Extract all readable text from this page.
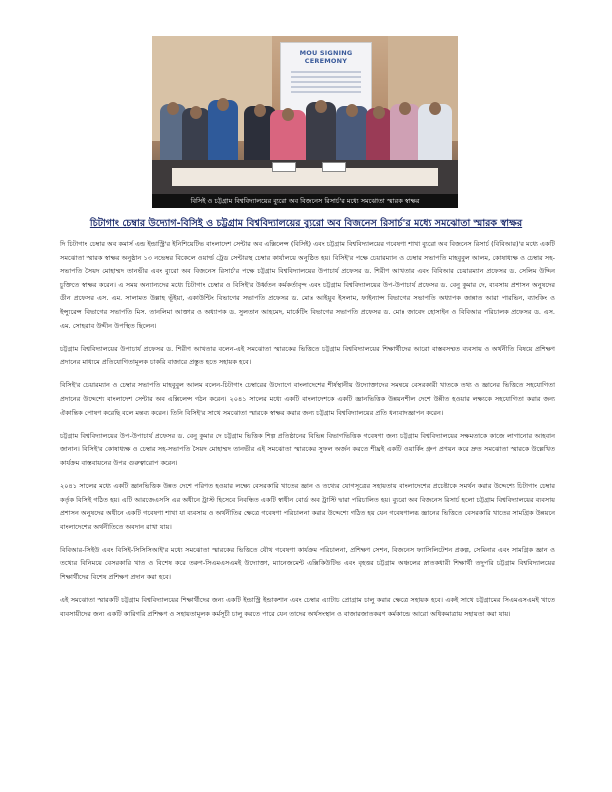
MOU SIGNING CEREMONY
বিসিই ও চট্টগ্রাম বিশ্ববিদ্যালয়ের ব্যুরো অব বিজনেস রিসার্চ'র মধ্যে সমঝোতা স্মারক স্বাক্ষর
চিটাগাং চেম্বার উদ্যোগ-বিসিই ও চট্টগ্রাম বিশ্ববিদ্যালয়ের ব্যুরো অব বিজনেস রিসার্চ'র মধ্যে সমঝোতা স্মারক স্বাক্ষর

দি চিটাগাং চেম্বার অব কমার্স এন্ড ইন্ডাস্ট্রি'র ইনিশিয়েটিভ বাংলাদেশ সেন্টার অব এক্সিলেন্স (বিসিই) এবং চট্টগ্রাম বিশ্ববিদ্যালয়ের গবেষণা শাখা ব্যুরো অব বিজনেস রিসার্চ (বিবিআর)'র মধ্যে একটি সমঝোতা স্মারক স্বাক্ষর অনুষ্ঠান ১৩ নভেম্বর বিকেলে ওয়ার্ল্ড ট্রেড সেন্টারস্থ চেম্বার কার্যালয়ে অনুষ্ঠিত হয়। বিসিই'র পক্ষে চেয়ারম্যান ও চেম্বার সভাপতি মাহবুবুল আলম, কোষাধ্যক্ষ ও চেম্বার সহ-সভাপতি সৈয়দ মোহাম্মদ তানভীর এবং ব্যুরো অব বিজনেস রিসার্চ'র পক্ষে চট্টগ্রাম বিশ্ববিদ্যালয়ের উপাচার্য প্রফেসর ড. শিরীণ আখতার এবং বিবিআর চেয়ারম্যান প্রফেসর ড. সেলিম উদ্দিন চুক্তিতে স্বাক্ষর করেন। এ সময় অন্যান্যদের মধ্যে চিটাগাং চেম্বার ও বিসিই'র উর্ধ্বতন কর্মকর্তাবৃন্দ এবং চট্টগ্রাম বিশ্ববিদ্যালয়ের উপ-উপাচার্য প্রফেসর ড. বেনু কুমার দে, ব্যবসায় প্রশাসন অনুষদের ডীন প্রফেসর এস. এম. সালামত উল্লাহ ভূঁইয়া, একাউন্টিং বিভাগের সভাপতি প্রফেসর ড. মোঃ আইয়ুব ইসলাম, ফাইন্যান্স বিভাগের সভাপতি অধ্যাপক জান্নাত আরা পারভিন, ব্যাংকিং ও ইন্স্যুরেন্স বিভাগের সভাপতি মিস. তানলিমা আক্তার ও অধ্যাপক ড. সুলতান আহমেদ, মার্কেটিং বিভাগের সভাপতি প্রফেসর ড. মোঃ জাবেদ হোসাইন ও বিবিআর পরিচালক প্রফেসর ড. এস. এম. সোহরাব উদ্দীন উপস্থিত ছিলেন।

চট্টগ্রাম বিশ্ববিদ্যালয়ের উপাচার্য প্রফেসর ড. শিরীণ আখতার বলেন-এই সমঝোতা স্মারকের ভিত্তিতে চট্টগ্রাম বিশ্ববিদ্যালয়ের শিক্ষার্থীদের আরো বাস্তবসম্মত ব্যবসায় ও অর্থনীতি বিষয়ে প্রশিক্ষণ প্রদানের মাধ্যমে প্রতিযোগিতামূলক চাকরি বাজারে প্রস্তুত হতে সহায়ক হবে।

বিসিই'র চেয়ারম্যান ও চেম্বার সভাপতি মাহবুবুল আলম বলেন-চিটাগাং চেম্বারের উদ্যোগে বাংলাদেশের শীর্ষস্থানীয় উদ্যোক্তাদের সমন্বয়ে বেসরকারী খাতকে তথ্য ও জ্ঞানের ভিত্তিতে সহযোগিতা প্রদানের উদ্দেশ্যে বাংলাদেশ সেন্টার অব এক্সিলেন্স গঠন করেন। ২০৪১ সালের মধ্যে একটি বাংলাদেশকে একটি জ্ঞানভিত্তিক উন্নয়নশীল দেশে উন্নীত হওয়ার লক্ষ্যকে সহযোগিতা করার জন্য ঐকান্তিক পোষণ করেছি বলে মন্তব্য করেন। তিনি বিসিই'র সাথে সমঝোতা স্মারকে স্বাক্ষর করার জন্য চট্টগ্রাম বিশ্ববিদ্যালয়ের প্রতি ধন্যবাদজ্ঞাপন করেন।

চট্টগ্রাম বিশ্ববিদ্যালয়ের উপ-উপাচার্য প্রফেসর ড. বেনু কুমার দে চট্টগ্রাম ভিত্তিক শিল্প প্রতিষ্ঠানের বিভিন্ন বিভাগভিত্তিক গবেষণা জন্য চট্টগ্রাম বিশ্ববিদ্যালয়ের সক্ষমতাকে কাজে লাগানোর আহবান জানান। বিসিই'র কোষাধ্যক্ষ ও চেম্বার সহ-সভাপতি সৈয়দ মোহাম্মদ তানভীর এই সমঝোতা স্মারকের সুফল অর্জন করতে শীঘ্রই একটি ওয়ার্কিং গ্রুপ প্রণয়ন করে দ্রুত সমঝোতা স্মারকে উল্লেখিত কার্যক্রম বাস্তবায়নের উপর গুরুত্বারোপ করেন।

২০৪১ সালের মধ্যে একটি জ্ঞানভিত্তিক উন্নত দেশে পরিণত হওয়ার লক্ষ্যে বেসরকারি খাতের জ্ঞান ও তথ্যের যোগসূত্রের সহায়তায় বাংলাদেশের প্রচেষ্টাকে সমর্থন করার উদ্দেশ্যে চিটাগাং চেম্বার কর্তৃক বিসিই গঠিত হয়। এটি আরজেএসসি এর অধীনে ট্রাস্ট হিসেবে নিবন্ধিত একটি স্বাধীন বোর্ড অব ট্রাস্টি দ্বারা পরিচালিত হয়। ব্যুরো অব বিজনেস রিসার্চ হলো চট্টগ্রাম বিশ্ববিদ্যালয়ের ব্যবসায় প্রশাসন অনুষদের অধীনে একটি গবেষণা শাখা যা ব্যবসায় ও অর্থনীতির ক্ষেত্রে গবেষণা পরিচালনা করার উদ্দেশ্যে গঠিত হয় যেন গবেষণালব্ধ জ্ঞানের ভিত্তিতে বেসরকারি খাতের সামগ্রিক উন্নয়নে বাংলাদেশের অর্থনীতিতে অবদান রাখা যায়।

বিবিআর-সিইউ এবং বিসিই-সিসিসিআই'র মধ্যে সমঝোতা স্মারকের ভিত্তিতে যৌথ গবেষণা কার্যক্রম পরিচালনা, প্রশিক্ষণ সেশন, বিজনেস ফ্যাসিলিটেশন প্রকল্প, সেমিনার এবং সামগ্রিক জ্ঞান ও তথ্যের বিনিময়ে বেসরকারি খাত ও বিশেষ করে তরুণ-সিএমএসএমই উদ্যোক্তা, ম্যানেজমেন্ট এক্সিকিউটিভ এবং বৃহত্তর চট্টগ্রাম অঞ্চলের স্নাতকধারী শিক্ষার্থী তদুপরি চট্টগ্রাম বিশ্ববিদ্যালয়ের শিক্ষার্থীদের বিশেষ প্রশিক্ষণ প্রদান করা হবে।

এই সমঝোতা স্মারকটি চট্টগ্রাম বিশ্ববিদ্যালয়ের শিক্ষার্থীদের জন্য একটি ইন্ডাস্ট্রি ইন্ডাকশান এবং চেম্বার এ্যাটাচ প্রোগ্রাম চালু করার ক্ষেত্রে সহায়ক হবে। একই সাথে চট্টগ্রামের সিএমএসএমই খাতে ব্যবসায়ীদের জন্য একটি কারিগরি প্রশিক্ষণ ও সহায়তামূলক কর্মসূচী চালু করতে পারে যেন তাদের অর্থসংস্থান ও বাজারজাতকরণ কর্মকান্ডে আরো অধিকমাত্রায় সহায়তা করা যায়।
